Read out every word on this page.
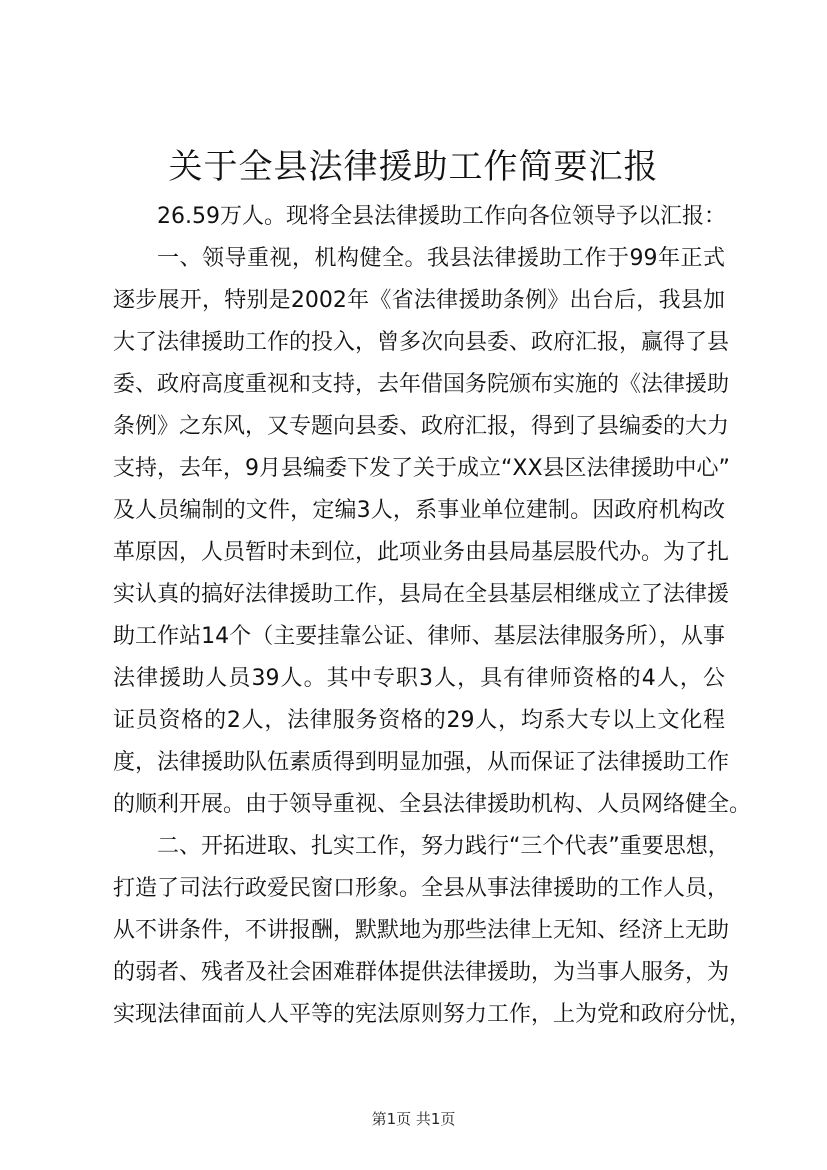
关于全县法律援助工作简要汇报
26.59万人。现将全县法律援助工作向各位领导予以汇报：
一、领导重视，机构健全。我县法律援助工作于99年正式
逐步展开，特别是2002年《省法律援助条例》出台后，我县加
大了法律援助工作的投入，曾多次向县委、政府汇报，赢得了县
委、政府高度重视和支持，去年借国务院颁布实施的《法律援助
条例》之东风，又专题向县委、政府汇报，得到了县编委的大力
支持，去年，9月县编委下发了关于成立“XX县区法律援助中心”
及人员编制的文件，定编3人，系事业单位建制。因政府机构改
革原因，人员暂时未到位，此项业务由县局基层股代办。为了扎
实认真的搞好法律援助工作，县局在全县基层相继成立了法律援
助工作站14个（主要挂靠公证、律师、基层法律服务所），从事
法律援助人员39人。其中专职3人，具有律师资格的4人，公
证员资格的2人，法律服务资格的29人，均系大专以上文化程
度，法律援助队伍素质得到明显加强，从而保证了法律援助工作
的顺利开展。由于领导重视、全县法律援助机构、人员网络健全。
二、开拓进取、扎实工作，努力践行“三个代表”重要思想，
打造了司法行政爱民窗口形象。全县从事法律援助的工作人员，
从不讲条件，不讲报酬，默默地为那些法律上无知、经济上无助
的弱者、残者及社会困难群体提供法律援助，为当事人服务，为
实现法律面前人人平等的宪法原则努力工作，上为党和政府分忧，
第1页 共1页
